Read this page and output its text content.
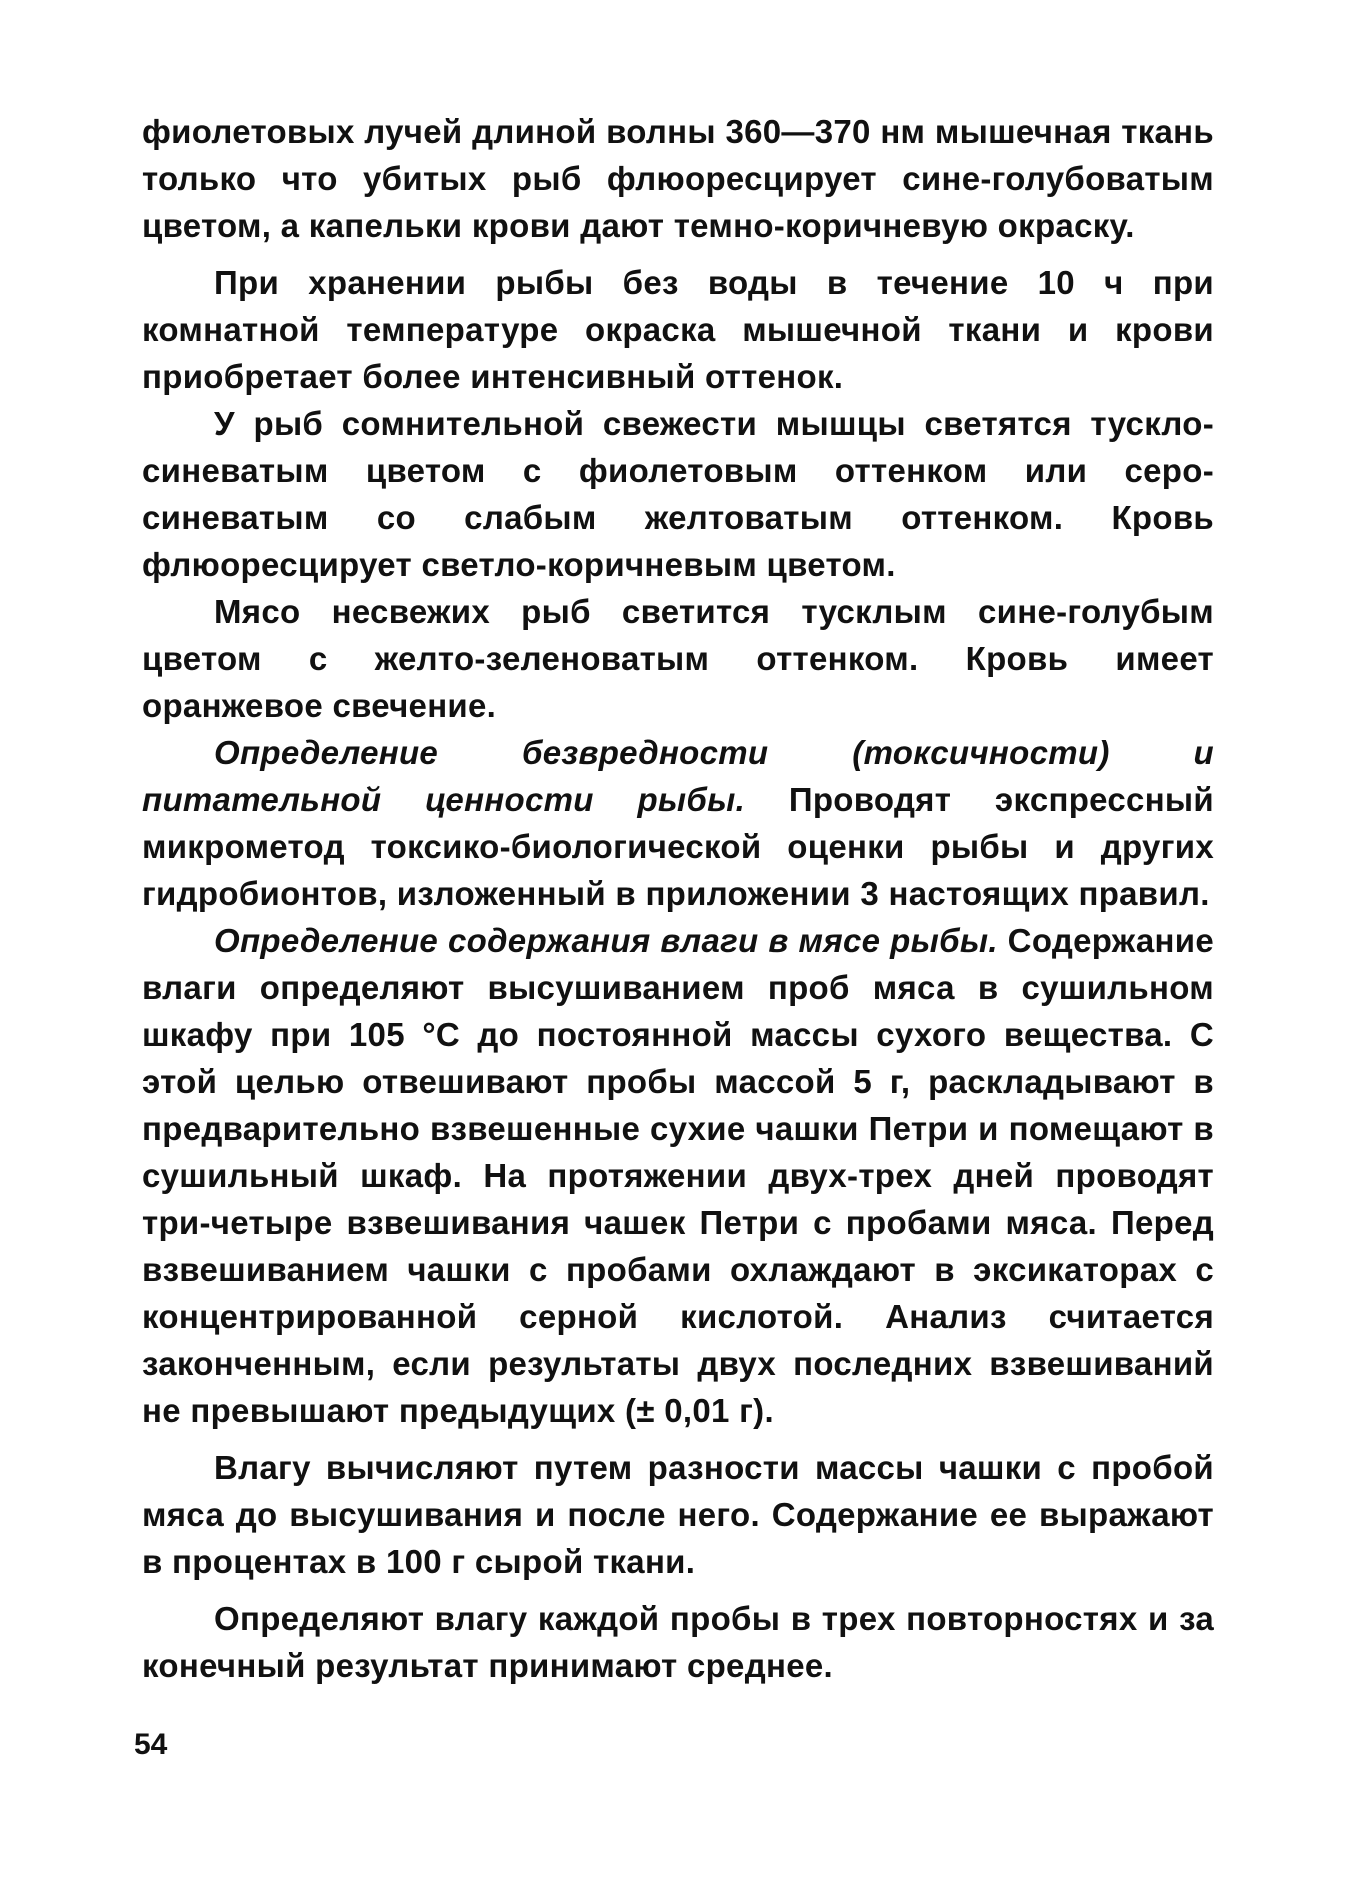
фиолетовых лучей длиной волны 360—370 нм мышечная ткань только что убитых рыб флюоресцирует сине-голубоватым цветом, а капельки крови дают темно-коричневую окраску.

При хранении рыбы без воды в течение 10 ч при комнатной температуре окраска мышечной ткани и крови приобретает более интенсивный оттенок.

У рыб сомнительной свежести мышцы светятся тускло-синеватым цветом с фиолетовым оттенком или серо-синеватым со слабым желтоватым оттенком. Кровь флюоресцирует светло-коричневым цветом.

Мясо несвежих рыб светится тусклым сине-голубым цветом с желто-зеленоватым оттенком. Кровь имеет оранжевое свечение.

Определение безвредности (токсичности) и питательной ценности рыбы. Проводят экспрессный микрометод токсико-биологической оценки рыбы и других гидробионтов, изложенный в приложении 3 настоящих правил.

Определение содержания влаги в мясе рыбы. Содержание влаги определяют высушиванием проб мяса в сушильном шкафу при 105 °С до постоянной массы сухого вещества. С этой целью отвешивают пробы массой 5 г, раскладывают в предварительно взвешенные сухие чашки Петри и помещают в сушильный шкаф. На протяжении двух-трех дней проводят три-четыре взвешивания чашек Петри с пробами мяса. Перед взвешиванием чашки с пробами охлаждают в эксикаторах с концентрированной серной кислотой. Анализ считается законченным, если результаты двух последних взвешиваний не превышают предыдущих (± 0,01 г).

Влагу вычисляют путем разности массы чашки с пробой мяса до высушивания и после него. Содержание ее выражают в процентах в 100 г сырой ткани.

Определяют влагу каждой пробы в трех повторностях и за конечный результат принимают среднее.

54
